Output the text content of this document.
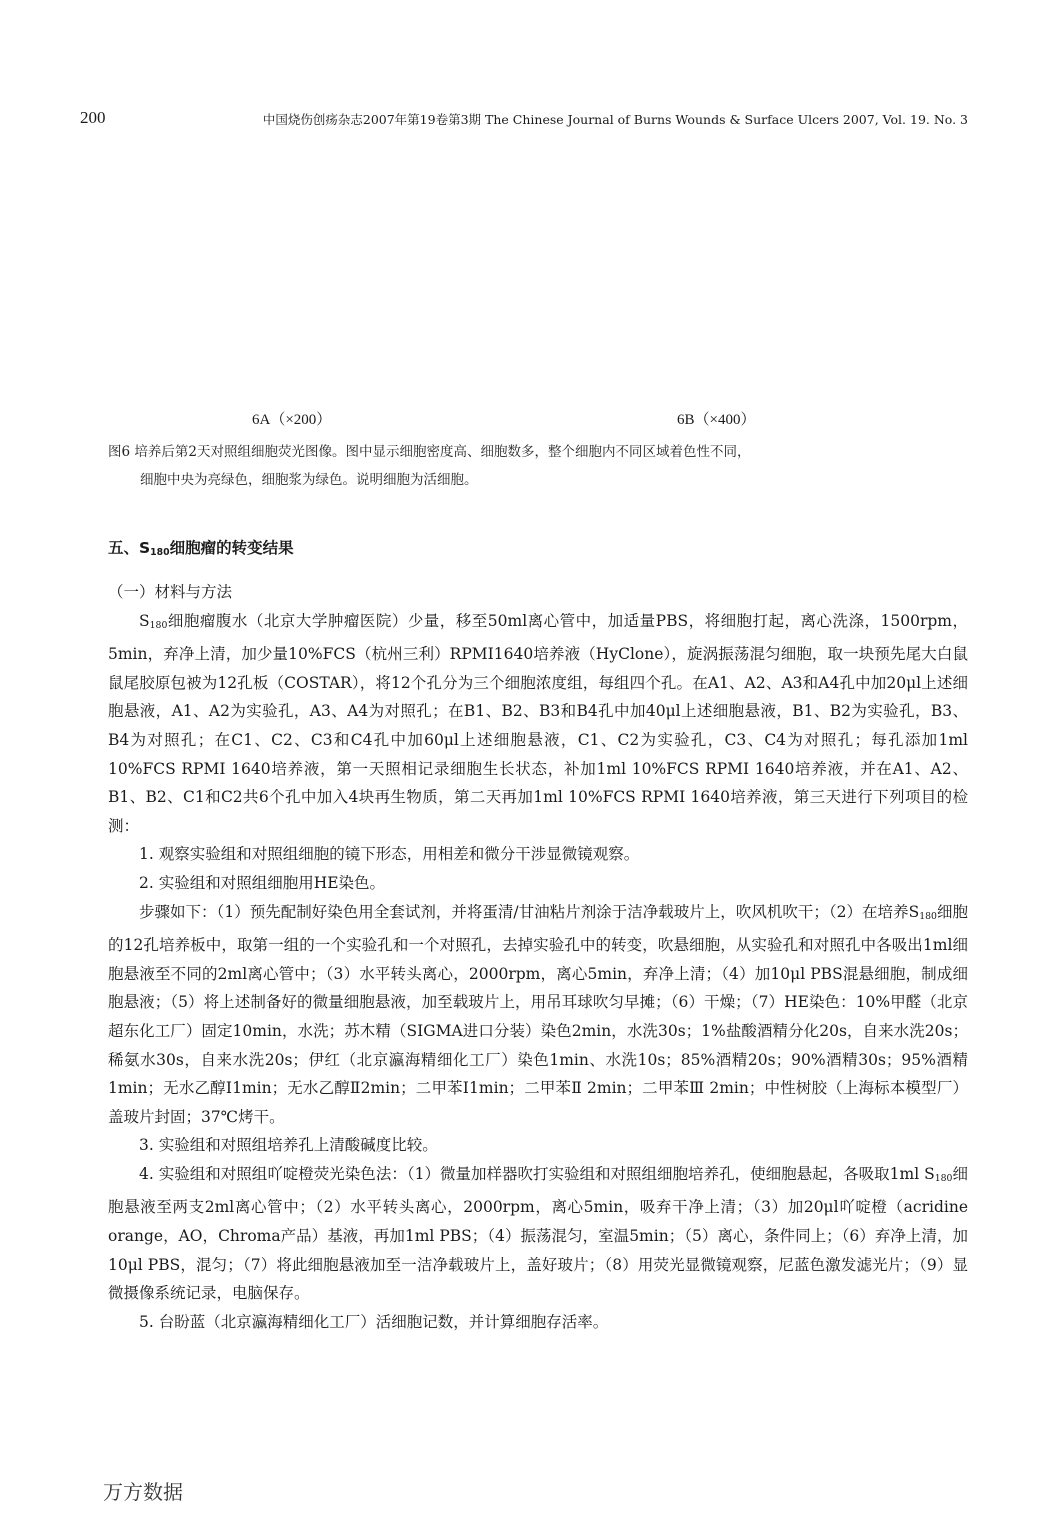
200	中国烧伤创疡杂志2007年第19卷第3期 The Chinese Journal of Burns Wounds & Surface Ulcers 2007, Vol. 19. No. 3
6A（×200）	6B（×400）
图6 培养后第2天对照组细胞荧光图像。图中显示细胞密度高、细胞数多，整个细胞内不同区域着色性不同，
细胞中央为亮绿色，细胞浆为绿色。说明细胞为活细胞。
五、$S_{180}$细胞瘤的转变结果

（一）材料与方法

$S_{180}$细胞瘤腹水（北京大学肿瘤医院）少量，移至50ml离心管中，加适量PBS，将细胞打起，离心洗涤，1500rpm，5min，弃净上清，加少量10%FCS（杭州三利）RPMI1640培养液（HyClone），旋涡振荡混匀细胞，取一块预先尾大白鼠鼠尾胶原包被为12孔板（COSTAR），将12个孔分为三个细胞浓度组，每组四个孔。在A1、A2、A3和A4孔中加20μl上述细胞悬液，A1、A2为实验孔，A3、A4为对照孔；在B1、B2、B3和B4孔中加40μl上述细胞悬液，B1、B2为实验孔，B3、B4为对照孔；在C1、C2、C3和C4孔中加60μl上述细胞悬液，C1、C2为实验孔，C3、C4为对照孔；每孔添加1ml 10%FCS RPMI 1640培养液，第一天照相记录细胞生长状态，补加1ml 10%FCS RPMI 1640培养液，并在A1、A2、B1、B2、C1和C2共6个孔中加入4块再生物质，第二天再加1ml 10%FCS RPMI 1640培养液，第三天进行下列项目的检测：

1. 观察实验组和对照组细胞的镜下形态，用相差和微分干涉显微镜观察。

2. 实验组和对照组细胞用HE染色。

步骤如下：（1）预先配制好染色用全套试剂，并将蛋清/甘油粘片剂涂于洁净载玻片上，吹风机吹干；（2）在培养$S_{180}$细胞的12孔培养板中，取第一组的一个实验孔和一个对照孔，去掉实验孔中的转变，吹悬细胞，从实验孔和对照孔中各吸出1ml细胞悬液至不同的2ml离心管中；（3）水平转头离心，2000rpm，离心5min，弃净上清；（4）加10μl PBS混悬细胞，制成细胞悬液；（5）将上述制备好的微量细胞悬液，加至载玻片上，用吊耳球吹匀早摊；（6）干燥；（7）HE染色：10%甲醛（北京超东化工厂）固定10min，水洗；苏木精（SIGMA进口分装）染色2min，水洗30s；1%盐酸酒精分化20s，自来水洗20s；稀氨水30s，自来水洗20s；伊红（北京瀛海精细化工厂）染色1min、水洗10s；85%酒精20s；90%酒精30s；95%酒精1min；无水乙醇Ⅰ1min；无水乙醇Ⅱ2min；二甲苯Ⅰ1min；二甲苯Ⅱ 2min；二甲苯Ⅲ 2min；中性树胶（上海标本模型厂）盖玻片封固；37℃烤干。

3. 实验组和对照组培养孔上清酸碱度比较。

4. 实验组和对照组吖啶橙荧光染色法：（1）微量加样器吹打实验组和对照组细胞培养孔，使细胞悬起，各吸取1ml $S_{180}$细胞悬液至两支2ml离心管中；（2）水平转头离心，2000rpm，离心5min，吸弃干净上清；（3）加20μl吖啶橙（acridine orange，AO，Chroma产品）基液，再加1ml PBS；（4）振荡混匀，室温5min；（5）离心，条件同上；（6）弃净上清，加10μl PBS，混匀；（7）将此细胞悬液加至一洁净载玻片上，盖好玻片；（8）用荧光显微镜观察，尼蓝色激发滤光片；（9）显微摄像系统记录，电脑保存。

5. 台盼蓝（北京瀛海精细化工厂）活细胞记数，并计算细胞存活率。

万方数据
